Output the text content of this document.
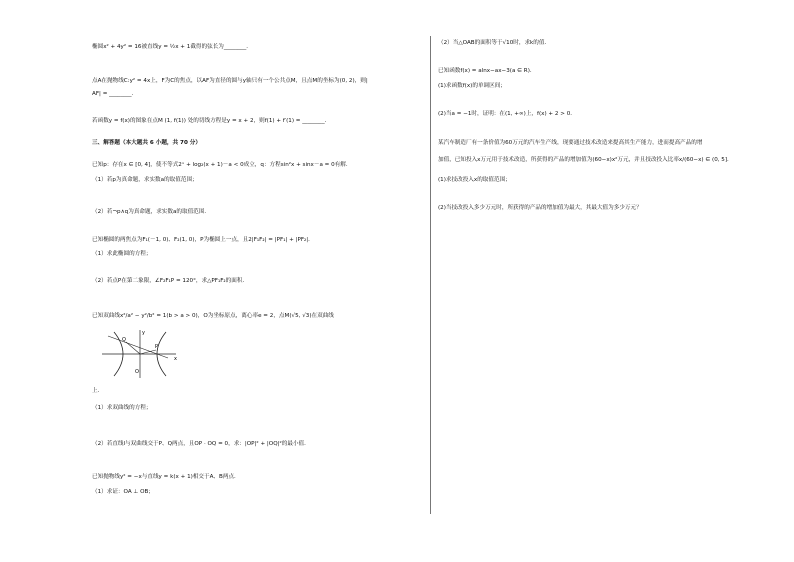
椭圆x² + 4y² = 16被直线y = ½x + 1截得的弦长为________．
点A在抛物线C:y² = 4x上，F为C的焦点，以AF为直径的圆与y轴只有一个公共点M，且点M的坐标为(0, 2)，则|
AF| = ________．
若函数y = f(x)的图象在点M (1, f(1)) 处的切线方程是y = x + 2，则f(1) + f′(1) = ________．
三、解答题（本大题共 6 小题，共 70 分）
已知p：存在x ∈ [0, 4]，使不等式2ˣ + log₂(x + 1)－a < 0成立，q：方程sin²x + sinx－a = 0有解．
（1）若p为真命题，求实数a的取值范围；
（2）若¬p∧q为真命题，求实数a的取值范围．
已知椭圆的两焦点为F₁(－1, 0)、F₂(1, 0)，P为椭圆上一点，且2|F₁F₂| = |PF₁| + |PF₂|．
（1）求此椭圆的方程；
（2）若点P在第二象限，∠F₂F₁P = 120°，求△PF₁F₂的面积．
已知双曲线x²/a² − y²/b² = 1(b > a > 0)，O为坐标原点，离心率e = 2，点M(√5, √3)在双曲线
Q
P
y
x
O
上．
（1）求双曲线的方程；
（2）若直线l与双曲线交于P、Q两点，且OP · OQ = 0，求：|OP|² + |OQ|²的最小值．
已知抛物线y² = −x与直线y = k(x + 1)相交于A、B两点．
（1）求证：OA ⊥ OB；
（2）当△OAB的面积等于√10时，求k的值．
已知函数f(x) = alnx−ax−3(a ∈ R)．
(1)求函数f(x)的单调区间；
(2)当a = −1时，证明：在(1, +∞)上，f(x) + 2 > 0．
某汽车制造厂有一条价值为60万元的汽车生产线，现要通过技术改造来提高其生产能力，进而提高产品的增
加值，已知投入x万元用于技术改造，所获得的产品的增加值为(60−x)x²万元，并且技改投入比率x/(60−x) ∈ (0, 5]．
(1)求技改投入x的取值范围；
(2)当技改投入多少万元时，所获得的产品的增加值为最大，其最大值为多少万元？
